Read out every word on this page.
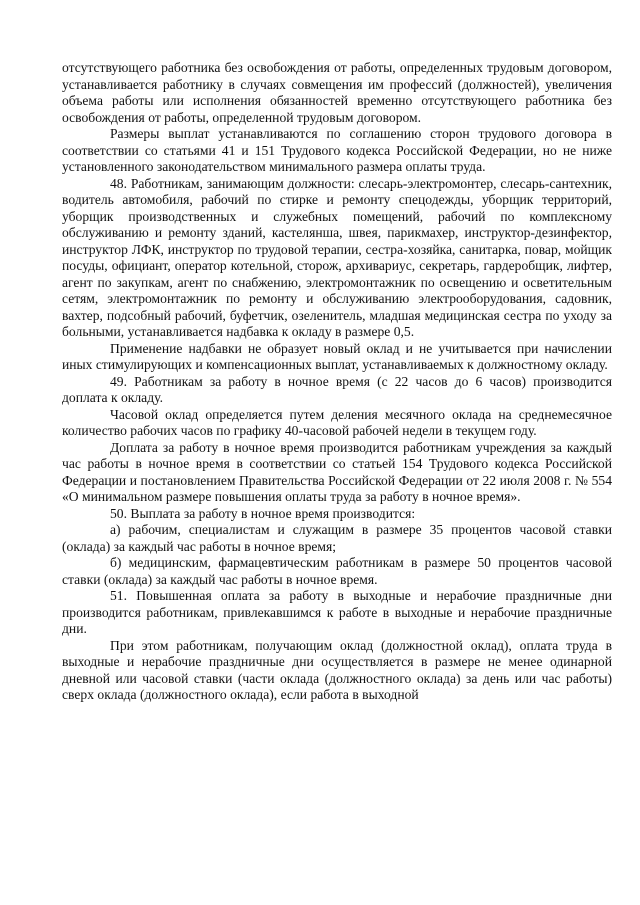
отсутствующего работника без освобождения от работы, определенных трудовым договором, устанавливается работнику в случаях совмещения им профессий (должностей), увеличения объема работы или исполнения обязанностей временно отсутствующего работника без освобождения от работы, определенной трудовым договором.

Размеры выплат устанавливаются по соглашению сторон трудового договора в соответствии со статьями 41 и 151 Трудового кодекса Российской Федерации, но не ниже установленного законодательством минимального размера оплаты труда.

48. Работникам, занимающим должности: слесарь-электромонтер, слесарь-сантехник, водитель автомобиля, рабочий по стирке и ремонту спецодежды, уборщик территорий, уборщик производственных и служебных помещений, рабочий по комплексному обслуживанию и ремонту зданий, кастелянша, швея, парикмахер, инструктор-дезинфектор, инструктор ЛФК, инструктор по трудовой терапии, сестра-хозяйка, санитарка, повар, мойщик посуды, официант, оператор котельной, сторож, архивариус, секретарь, гардеробщик, лифтер, агент по закупкам, агент по снабжению, электромонтажник по освещению и осветительным сетям, электромонтажник по ремонту и обслуживанию электрооборудования, садовник, вахтер, подсобный рабочий, буфетчик, озеленитель, младшая медицинская сестра по уходу за больными, устанавливается надбавка к окладу в размере 0,5.

Применение надбавки не образует новый оклад и не учитывается при начислении иных стимулирующих и компенсационных выплат, устанавливаемых к должностному окладу.

49. Работникам за работу в ночное время (с 22 часов до 6 часов) производится доплата к окладу.

Часовой оклад определяется путем деления месячного оклада на среднемесячное количество рабочих часов по графику 40-часовой рабочей недели в текущем году.

Доплата за работу в ночное время производится работникам учреждения за каждый час работы в ночное время в соответствии со статьей 154 Трудового кодекса Российской Федерации и постановлением Правительства Российской Федерации от 22 июля 2008 г. № 554 «О минимальном размере повышения оплаты труда за работу в ночное время».

50. Выплата за работу в ночное время производится:

а) рабочим, специалистам и служащим в размере 35 процентов часовой ставки (оклада) за каждый час работы в ночное время;

б) медицинским, фармацевтическим работникам в размере 50 процентов часовой ставки (оклада) за каждый час работы в ночное время.

51. Повышенная оплата за работу в выходные и нерабочие праздничные дни производится работникам, привлекавшимся к работе в выходные и нерабочие праздничные дни.

При этом работникам, получающим оклад (должностной оклад), оплата труда в выходные и нерабочие праздничные дни осуществляется в размере не менее одинарной дневной или часовой ставки (части оклада (должностного оклада) за день или час работы) сверх оклада (должностного оклада), если работа в выходной
